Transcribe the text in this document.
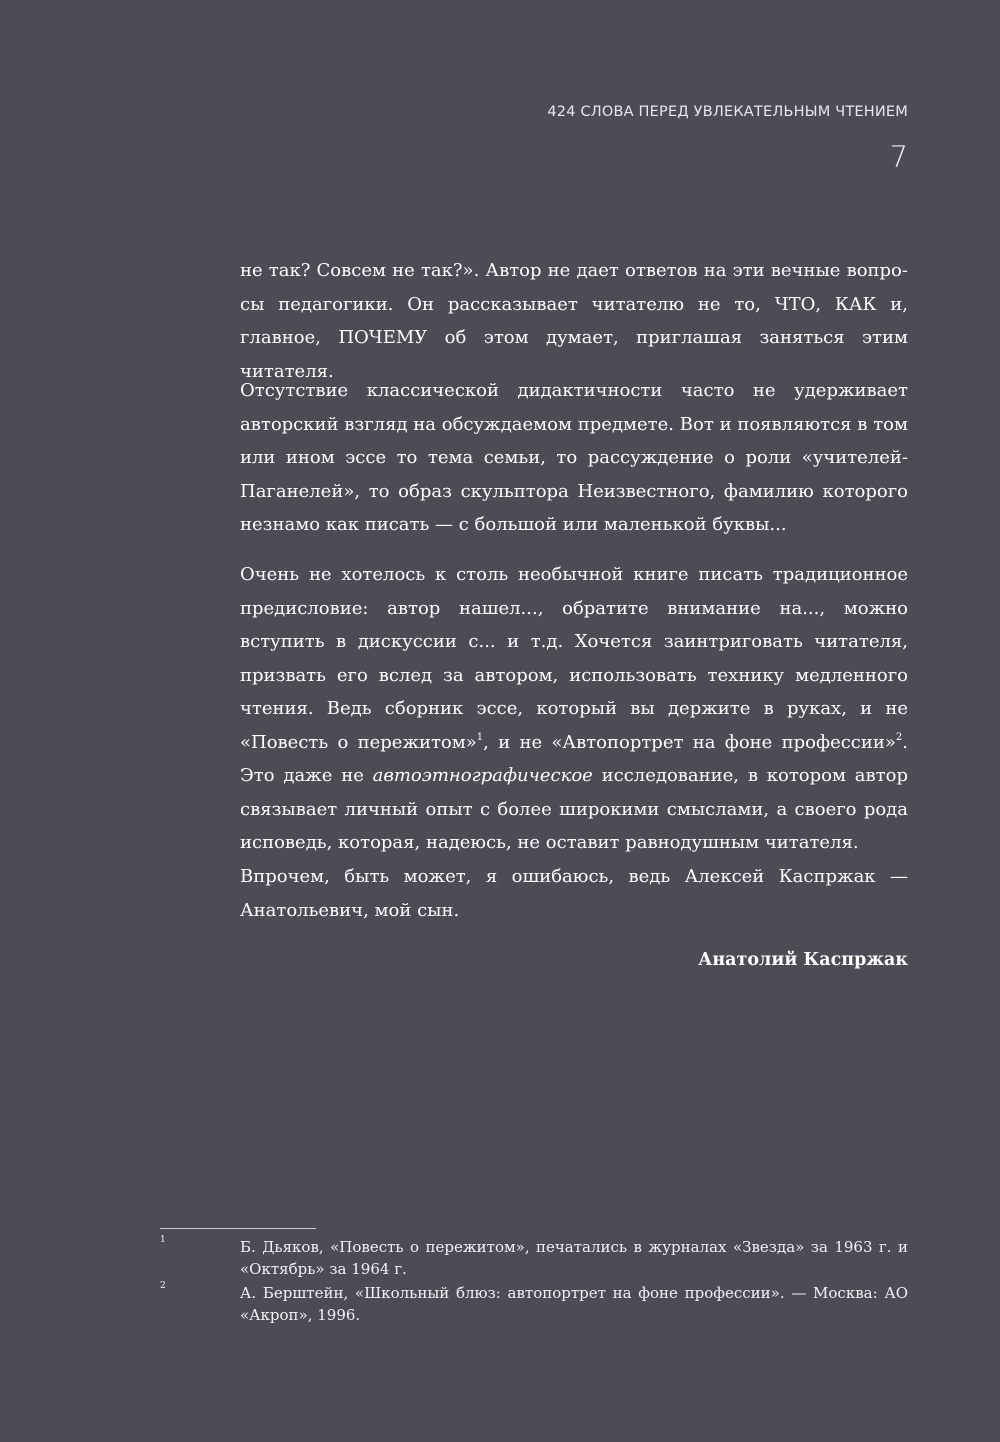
424 СЛОВА ПЕРЕД УВЛЕКАТЕЛЬНЫМ ЧТЕНИЕМ
7

не так? Совсем не так?». Автор не дает ответов на эти вечные вопросы педагогики. Он рассказывает читателю не то, ЧТО, КАК и, главное, ПОЧЕМУ об этом думает, приглашая заняться этим читателя.

Отсутствие классической дидактичности часто не удерживает авторский взгляд на обсуждаемом предмете. Вот и появляются в том или ином эссе то тема семьи, то рассуждение о роли «учителей-Паганелей», то образ скульптора Неизвестного, фамилию которого незнамо как писать — с большой или маленькой буквы...

Очень не хотелось к столь необычной книге писать традиционное предисловие: автор нашел..., обратите внимание на..., можно вступить в дискуссии с... и т.д. Хочется заинтриговать читателя, призвать его вслед за автором, использовать технику медленного чтения. Ведь сборник эссе, который вы держите в руках, и не «Повесть о пережитом»$^1$, и не «Автопортрет на фоне профессии»$^2$. Это даже не автоэтнографическое исследование, в котором автор связывает личный опыт с более широкими смыслами, а своего рода исповедь, которая, надеюсь, не оставит равнодушным читателя.

Впрочем, быть может, я ошибаюсь, ведь Алексей Каспржак — Анатольевич, мой сын.

Анатолий Каспржак
1	Б. Дьяков, «Повесть о пережитом», печатались в журналах «Звезда» за 1963 г. и «Октябрь» за 1964 г.
2	А. Берштейн, «Школьный блюз: автопортрет на фоне профессии». — Москва: АО «Акроп», 1996.
